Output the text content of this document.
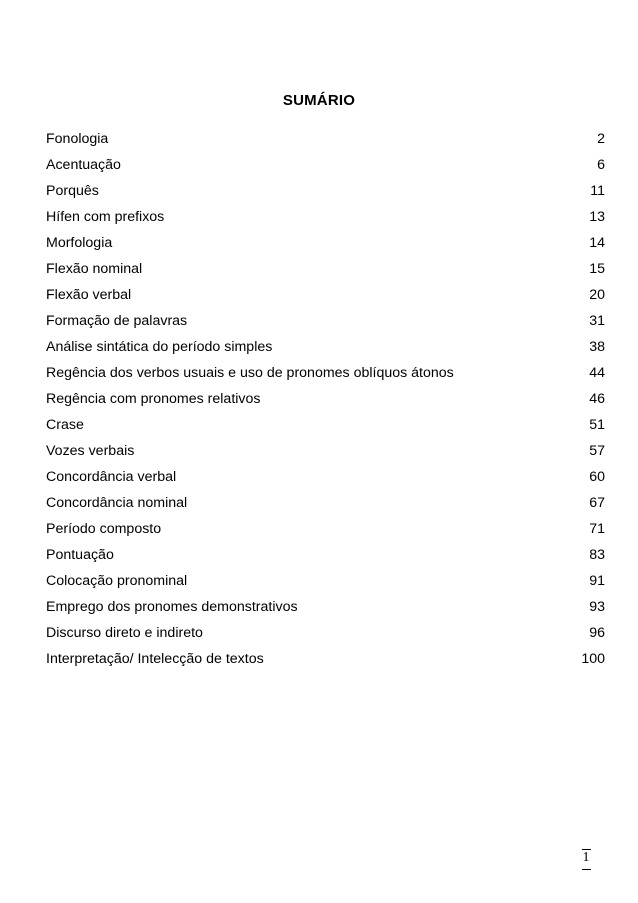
SUMÁRIO
Fonologia	2
Acentuação	6
Porquês	11
Hífen com prefixos	13
Morfologia	14
Flexão nominal	15
Flexão verbal	20
Formação de palavras	31
Análise sintática do período simples	38
Regência dos verbos usuais e uso de pronomes oblíquos átonos	44
Regência com pronomes relativos	46
Crase	51
Vozes verbais	57
Concordância verbal	60
Concordância nominal	67
Período composto	71
Pontuação	83
Colocação pronominal	91
Emprego dos pronomes demonstrativos	93
Discurso direto e indireto	96
Interpretação/ Intelecção de textos	100
1
